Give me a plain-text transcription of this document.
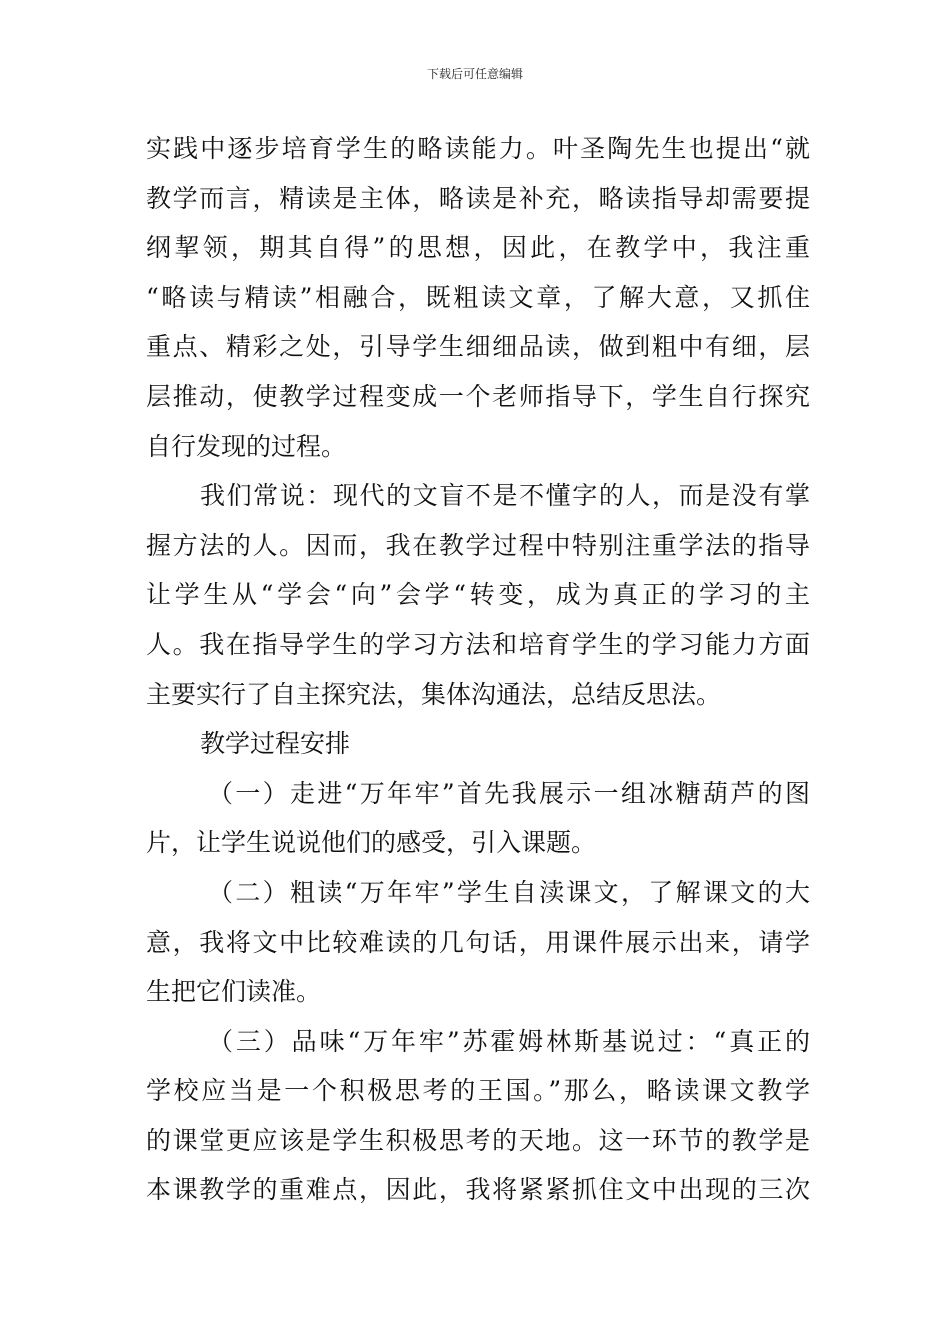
下载后可任意编辑
实践中逐步培育学生的略读能力。叶圣陶先生也提出“就
教学而言，精读是主体，略读是补充，略读指导却需要提
纲挈领，期其自得”的思想，因此，在教学中，我注重
“略读与精读”相融合，既粗读文章，了解大意，又抓住
重点、精彩之处，引导学生细细品读，做到粗中有细，层
层推动，使教学过程变成一个老师指导下，学生自行探究
自行发现的过程。
我们常说：现代的文盲不是不懂字的人，而是没有掌
握方法的人。因而，我在教学过程中特别注重学法的指导
让学生从“学会“向”会学“转变，成为真正的学习的主
人。我在指导学生的学习方法和培育学生的学习能力方面
主要实行了自主探究法，集体沟通法，总结反思法。
教学过程安排
（一）走进“万年牢”首先我展示一组冰糖葫芦的图
片，让学生说说他们的感受，引入课题。
（二）粗读“万年牢”学生自渎课文，了解课文的大
意，我将文中比较难读的几句话，用课件展示出来，请学
生把它们读准。
（三）品味“万年牢”苏霍姆林斯基说过：“真正的
学校应当是一个积极思考的王国。”那么，略读课文教学
的课堂更应该是学生积极思考的天地。这一环节的教学是
本课教学的重难点，因此，我将紧紧抓住文中出现的三次
